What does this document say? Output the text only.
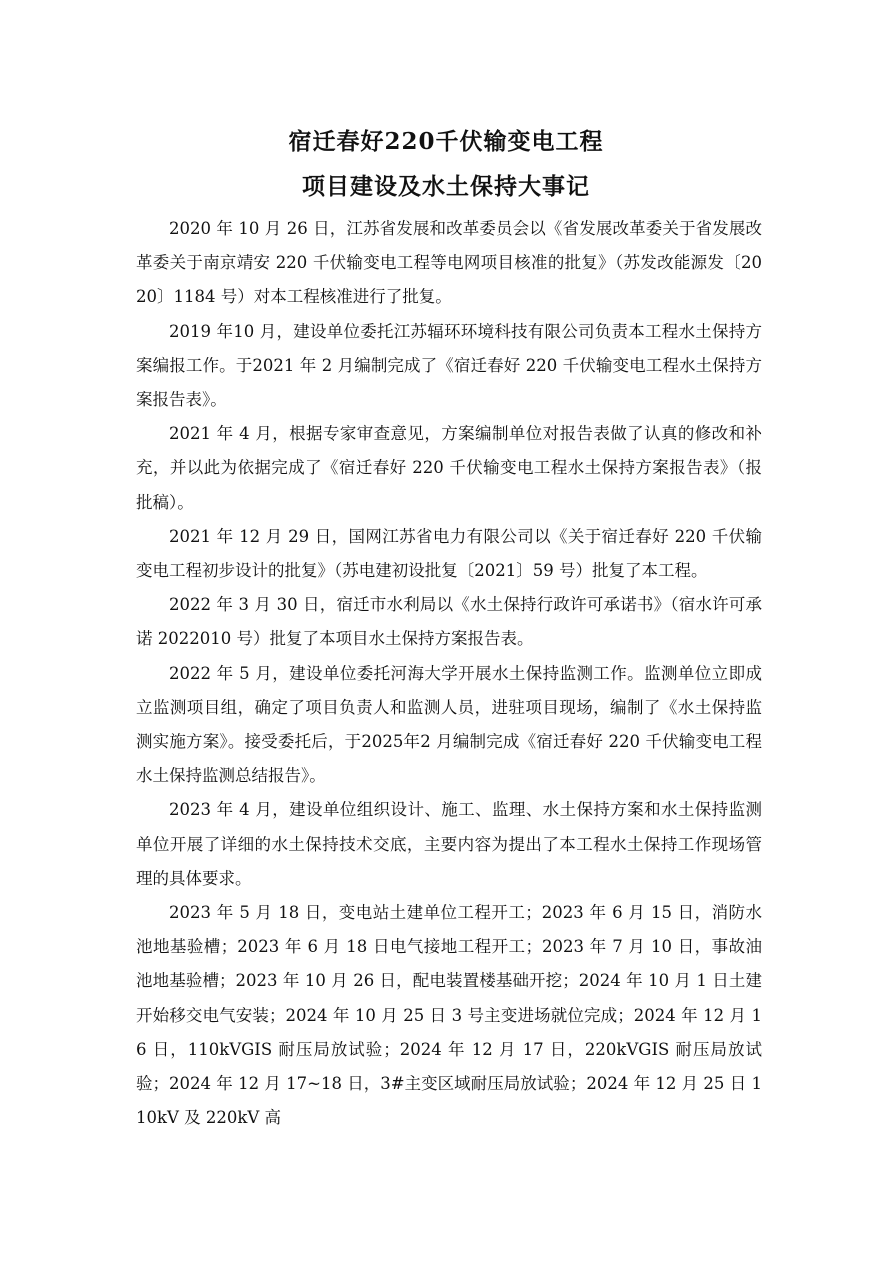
宿迁春好220千伏输变电工程
项目建设及水土保持大事记

2020 年 10 月 26 日，江苏省发展和改革委员会以《省发展改革委关于省发展改革委关于南京靖安 220 千伏输变电工程等电网项目核准的批复》（苏发改能源发〔2020〕1184 号）对本工程核准进行了批复。

2019 年10 月，建设单位委托江苏辐环环境科技有限公司负责本工程水土保持方案编报工作。于2021 年 2 月编制完成了《宿迁春好 220 千伏输变电工程水土保持方案报告表》。

2021 年 4 月，根据专家审查意见，方案编制单位对报告表做了认真的修改和补充，并以此为依据完成了《宿迁春好 220 千伏输变电工程水土保持方案报告表》（报批稿）。

2021 年 12 月 29 日，国网江苏省电力有限公司以《关于宿迁春好 220 千伏输变电工程初步设计的批复》（苏电建初设批复〔2021〕59 号）批复了本工程。

2022 年 3 月 30 日，宿迁市水利局以《水土保持行政许可承诺书》（宿水许可承诺 2022010 号）批复了本项目水土保持方案报告表。

2022 年 5 月，建设单位委托河海大学开展水土保持监测工作。监测单位立即成立监测项目组，确定了项目负责人和监测人员，进驻项目现场，编制了《水土保持监测实施方案》。接受委托后，于2025年2 月编制完成《宿迁春好 220 千伏输变电工程水土保持监测总结报告》。

2023 年 4 月，建设单位组织设计、施工、监理、水土保持方案和水土保持监测单位开展了详细的水土保持技术交底，主要内容为提出了本工程水土保持工作现场管理的具体要求。

2023 年 5 月 18 日，变电站土建单位工程开工；2023 年 6 月 15 日，消防水池地基验槽；2023 年 6 月 18 日电气接地工程开工；2023 年 7 月 10 日，事故油池地基验槽；2023 年 10 月 26 日，配电装置楼基础开挖；2024 年 10 月 1 日土建开始移交电气安装；2024 年 10 月 25 日 3 号主变进场就位完成；2024 年 12 月 16 日，110kVGIS 耐压局放试验；2024 年 12 月 17 日，220kVGIS 耐压局放试验；2024 年 12 月 17~18 日，3#主变区域耐压局放试验；2024 年 12 月 25 日 110kV 及 220kV 高
